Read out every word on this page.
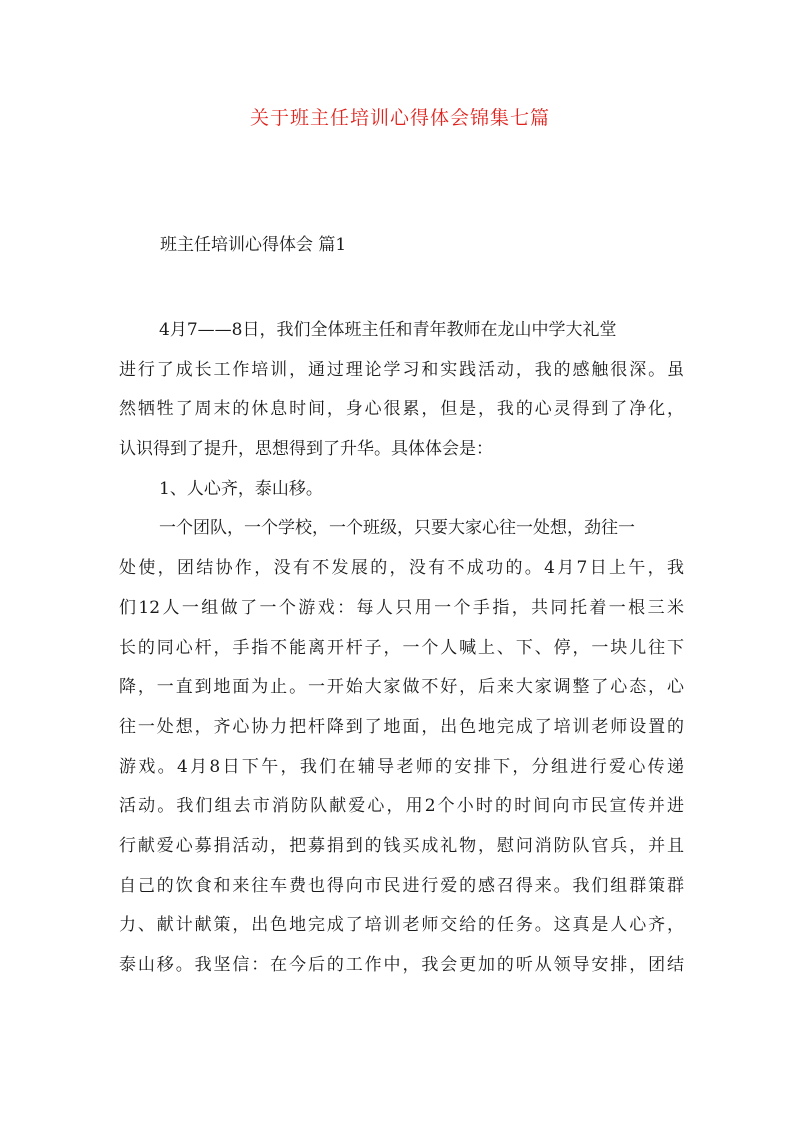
关于班主任培训心得体会锦集七篇
班主任培训心得体会 篇1
4月7——8日，我们全体班主任和青年教师在龙山中学大礼堂
进行了成长工作培训，通过理论学习和实践活动，我的感触很深。虽
然牺牲了周末的休息时间，身心很累，但是，我的心灵得到了净化，
认识得到了提升，思想得到了升华。具体体会是：
1、人心齐，泰山移。
一个团队，一个学校，一个班级，只要大家心往一处想，劲往一
处使，团结协作，没有不发展的，没有不成功的。4月7日上午，我
们12人一组做了一个游戏：每人只用一个手指，共同托着一根三米
长的同心杆，手指不能离开杆子，一个人喊上、下、停，一块儿往下
降，一直到地面为止。一开始大家做不好，后来大家调整了心态，心
往一处想，齐心协力把杆降到了地面，出色地完成了培训老师设置的
游戏。4月8日下午，我们在辅导老师的安排下，分组进行爱心传递
活动。我们组去市消防队献爱心，用2个小时的时间向市民宣传并进
行献爱心募捐活动，把募捐到的钱买成礼物，慰问消防队官兵，并且
自己的饮食和来往车费也得向市民进行爱的感召得来。我们组群策群
力、献计献策，出色地完成了培训老师交给的任务。这真是人心齐，
泰山移。我坚信：在今后的工作中，我会更加的听从领导安排，团结
